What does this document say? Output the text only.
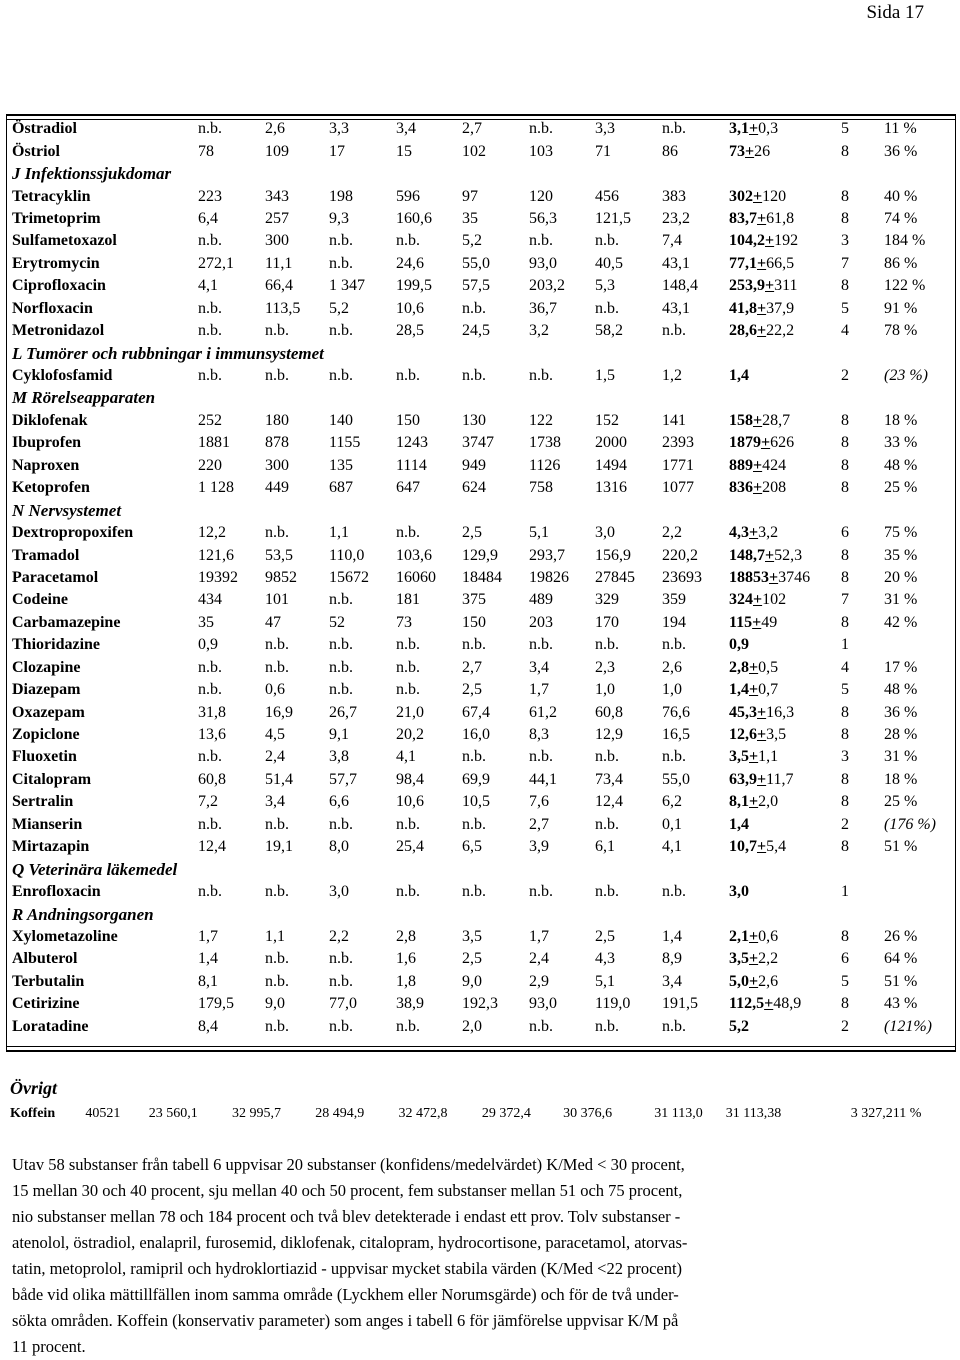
Sida 17
Östradiol	n.b.	2,6	3,3	3,4	2,7	n.b.	3,3	n.b.	3,1+0,3	5	11 %
Östriol	78	109	17	15	102	103	71	86	73+26	8	36 %
J Infektionssjukdomar											
Tetracyklin	223	343	198	596	97	120	456	383	302+120	8	40 %
Trimetoprim	6,4	257	9,3	160,6	35	56,3	121,5	23,2	83,7+61,8	8	74 %
Sulfametoxazol	n.b.	300	n.b.	n.b.	5,2	n.b.	n.b.	7,4	104,2+192	3	184 %
Erytromycin	272,1	11,1	n.b.	24,6	55,0	93,0	40,5	43,1	77,1+66,5	7	86 %
Ciprofloxacin	4,1	66,4	1 347	199,5	57,5	203,2	5,3	148,4	253,9+311	8	122 %
Norfloxacin	n.b.	113,5	5,2	10,6	n.b.	36,7	n.b.	43,1	41,8+37,9	5	91 %
Metronidazol	n.b.	n.b.	n.b.	28,5	24,5	3,2	58,2	n.b.	28,6+22,2	4	78 %
L Tumörer och rubbningar i immunsystemet											
Cyklofosfamid	n.b.	n.b.	n.b.	n.b.	n.b.	n.b.	1,5	1,2	1,4	2	(23 %)
M Rörelseapparaten											
Diklofenak	252	180	140	150	130	122	152	141	158+28,7	8	18 %
Ibuprofen	1881	878	1155	1243	3747	1738	2000	2393	1879+626	8	33 %
Naproxen	220	300	135	1114	949	1126	1494	1771	889+424	8	48 %
Ketoprofen	1 128	449	687	647	624	758	1316	1077	836+208	8	25 %
N Nervsystemet											
Dextropropoxifen	12,2	n.b.	1,1	n.b.	2,5	5,1	3,0	2,2	4,3+3,2	6	75 %
Tramadol	121,6	53,5	110,0	103,6	129,9	293,7	156,9	220,2	148,7+52,3	8	35 %
Paracetamol	19392	9852	15672	16060	18484	19826	27845	23693	18853+3746	8	20 %
Codeine	434	101	n.b.	181	375	489	329	359	324+102	7	31 %
Carbamazepine	35	47	52	73	150	203	170	194	115+49	8	42 %
Thioridazine	0,9	n.b.	n.b.	n.b.	n.b.	n.b.	n.b.	n.b.	0,9	1	
Clozapine	n.b.	n.b.	n.b.	n.b.	2,7	3,4	2,3	2,6	2,8+0,5	4	17 %
Diazepam	n.b.	0,6	n.b.	n.b.	2,5	1,7	1,0	1,0	1,4+0,7	5	48 %
Oxazepam	31,8	16,9	26,7	21,0	67,4	61,2	60,8	76,6	45,3+16,3	8	36 %
Zopiclone	13,6	4,5	9,1	20,2	16,0	8,3	12,9	16,5	12,6+3,5	8	28 %
Fluoxetin	n.b.	2,4	3,8	4,1	n.b.	n.b.	n.b.	n.b.	3,5+1,1	3	31 %
Citalopram	60,8	51,4	57,7	98,4	69,9	44,1	73,4	55,0	63,9+11,7	8	18 %
Sertralin	7,2	3,4	6,6	10,6	10,5	7,6	12,4	6,2	8,1+2,0	8	25 %
Mianserin	n.b.	n.b.	n.b.	n.b.	n.b.	2,7	n.b.	0,1	1,4	2	(176 %)
Mirtazapin	12,4	19,1	8,0	25,4	6,5	3,9	6,1	4,1	10,7+5,4	8	51 %
Q Veterinära läkemedel											
Enrofloxacin	n.b.	n.b.	3,0	n.b.	n.b.	n.b.	n.b.	n.b.	3,0	1	
R Andningsorganen											
Xylometazoline	1,7	1,1	2,2	2,8	3,5	1,7	2,5	1,4	2,1+0,6	8	26 %
Albuterol	1,4	n.b.	n.b.	1,6	2,5	2,4	4,3	8,9	3,5+2,2	6	64 %
Terbutalin	8,1	n.b.	n.b.	1,8	9,0	2,9	5,1	3,4	5,0+2,6	5	51 %
Cetirizine	179,5	9,0	77,0	38,9	192,3	93,0	119,0	191,5	112,5+48,9	8	43 %
Loratadine	8,4	n.b.	n.b.	n.b.	2,0	n.b.	n.b.	n.b.	5,2	2	(121%)
Övrigt
Koffein	40521	23 560,1	32 995,7	28 494,9	32 472,8	29 372,4	30 376,6	31 113,0	31 113,3	8	3 327,2	11 %
Utav 58 substanser från tabell 6 uppvisar 20 substanser (konfidens/medelvärdet) K/Med < 30 procent,
15 mellan 30 och 40 procent, sju mellan 40 och 50 procent, fem substanser mellan 51 och 75 procent,
nio substanser mellan 78 och 184 procent och två blev detekterade i endast ett prov. Tolv substanser -
atenolol, östradiol, enalapril, furosemid, diklofenak, citalopram, hydrocortisone, paracetamol, atorvas-
tatin, metoprolol, ramipril och hydroklortiazid - uppvisar mycket stabila värden (K/Med <22 procent)
både vid olika mättillfällen inom samma område (Lyckhem eller Norumsgärde) och för de två under-
sökta områden. Koffein (konservativ parameter) som anges i tabell 6 för jämförelse uppvisar K/M på
11 procent.
